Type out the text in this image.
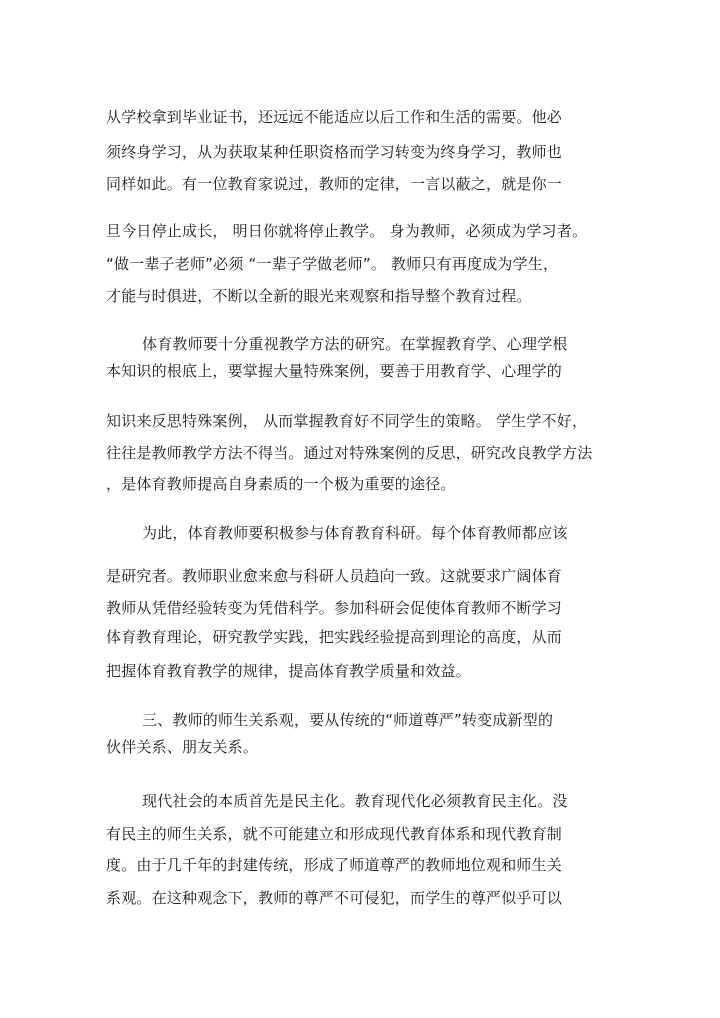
从学校拿到毕业证书，还远远不能适应以后工作和生活的需要。他必
须终身学习，从为获取某种任职资格而学习转变为终身学习，教师也
同样如此。有一位教育家说过，教师的定律，一言以蔽之，就是你一
旦今日停止成长， 明日你就将停止教学。 身为教师，必须成为学习者。
“做一辈子老师”必须 “一辈子学做老师”。 教师只有再度成为学生，
才能与时俱进，不断以全新的眼光来观察和指导整个教育过程。
体育教师要十分重视教学方法的研究。在掌握教育学、心理学根
本知识的根底上，要掌握大量特殊案例，要善于用教育学、心理学的
知识来反思特殊案例， 从而掌握教育好不同学生的策略。 学生学不好，
往往是教师教学方法不得当。通过对特殊案例的反思，研究改良教学方法
，是体育教师提高自身素质的一个极为重要的途径。
为此，体育教师要积极参与体育教育科研。每个体育教师都应该
是研究者。教师职业愈来愈与科研人员趋向一致。这就要求广阔体育
教师从凭借经验转变为凭借科学。参加科研会促使体育教师不断学习
体育教育理论，研究教学实践，把实践经验提高到理论的高度，从而
把握体育教育教学的规律，提高体育教学质量和效益。
三、教师的师生关系观，要从传统的“师道尊严”转变成新型的
伙伴关系、朋友关系。
现代社会的本质首先是民主化。教育现代化必须教育民主化。没
有民主的师生关系，就不可能建立和形成现代教育体系和现代教育制
度。由于几千年的封建传统，形成了师道尊严的教师地位观和师生关
系观。在这种观念下，教师的尊严不可侵犯，而学生的尊严似乎可以
